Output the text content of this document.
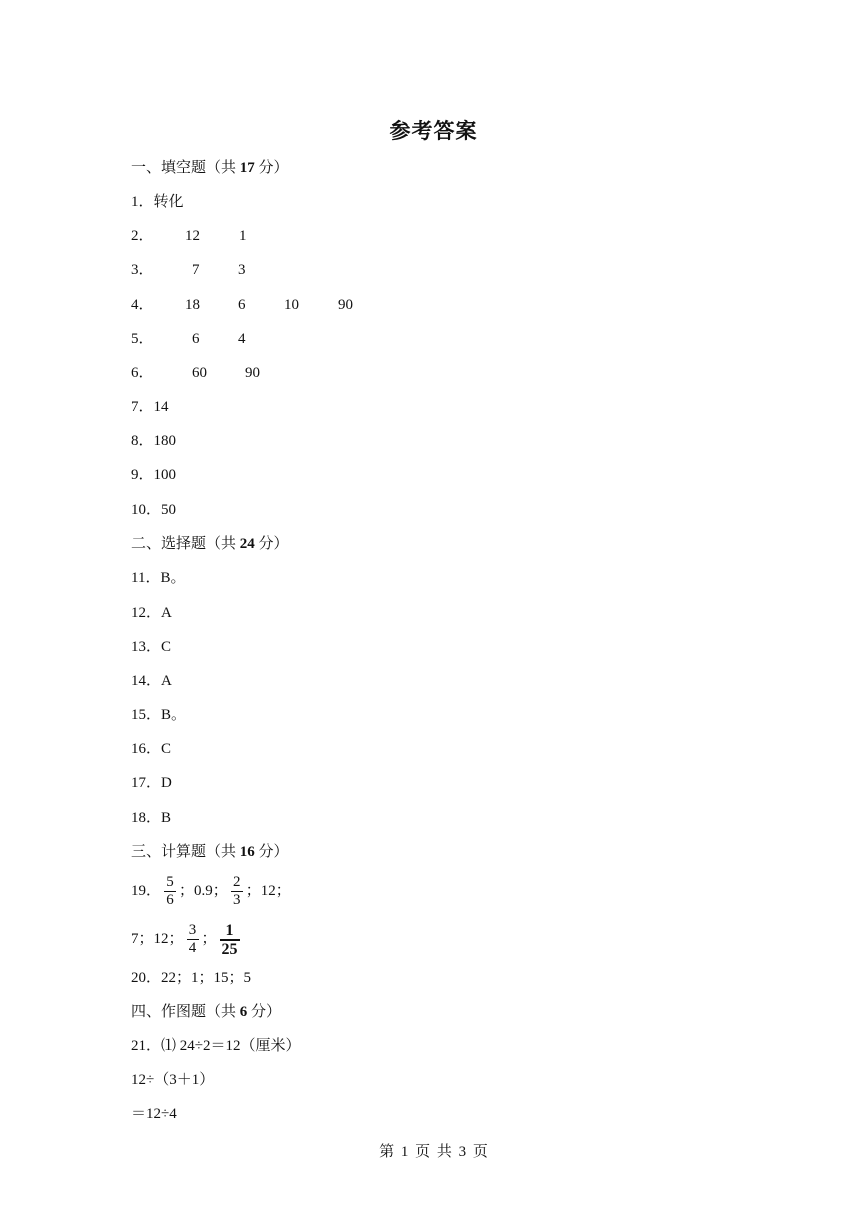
参考答案
一、填空题（共 17 分）
1．转化
2． 12	1
3．	7	3
4． 18	6	10	90
5．	6	4
6．	60	90
7．14
8．180
9．100
10．50
二、选择题（共 24 分）
11．B。
12．A
13．C
14．A
15．B。
16．C
17．D
18．B
三、计算题（共 16 分）
19． $\frac{5}{6}$ ；0.9； $\frac{2}{3}$ ；12；
7；12； $\frac{3}{4}$ ； $\frac{1}{25}$
20．22；1；15；5
四、作图题（共 6 分）
21．⑴ 24÷2＝12（厘米）
12÷（3＋1）
＝12÷4
第 1 页 共 3 页
